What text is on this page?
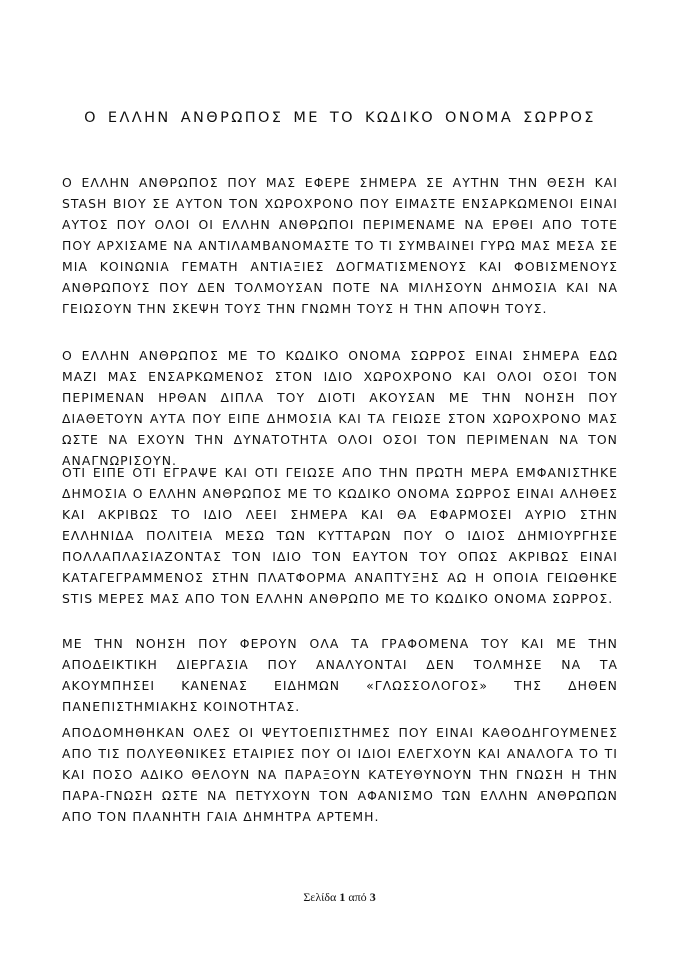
Ο ΕΛΛΗΝ ΑΝΘΡΩΠΟΣ ΜΕ ΤΟ ΚΩΔΙΚΟ ΟΝΟΜΑ ΣΩΡΡΟΣ
Ο ΕΛΛΗΝ ΑΝΘΡΩΠΟΣ ΠΟΥ ΜΑΣ ΕΦΕΡΕ ΣΗΜΕΡΑ ΣΕ ΑΥΤΗΝ ΤΗΝ ΘΕΣΗ ΚΑΙ STASH ΒΙΟΥ ΣΕ ΑΥΤΟΝ ΤΟΝ ΧΩΡΟΧΡΟΝΟ ΠΟΥ ΕΙΜΑΣΤΕ ΕΝΣΑΡΚΩΜΕΝΟΙ ΕΙΝΑΙ ΑΥΤΟΣ ΠΟΥ ΟΛΟΙ ΟΙ ΕΛΛΗΝ ΑΝΘΡΩΠΟΙ ΠΕΡΙΜΕΝΑΜΕ ΝΑ ΕΡΘΕΙ ΑΠΟ ΤΟΤΕ ΠΟΥ ΑΡΧΙΣΑΜΕ ΝΑ ΑΝΤΙΛΑΜΒΑΝΟΜΑΣΤΕ ΤΟ ΤΙ ΣΥΜΒΑΙΝΕΙ ΓΥΡΩ ΜΑΣ ΜΕΣΑ ΣΕ ΜΙΑ ΚΟΙΝΩΝΙΑ ΓΕΜΑΤΗ ΑΝΤΙΑΞΙΕΣ ΔΟΓΜΑΤΙΣΜΕΝΟΥΣ ΚΑΙ ΦΟΒΙΣΜΕΝΟΥΣ ΑΝΘΡΩΠΟΥΣ ΠΟΥ ΔΕΝ ΤΟΛΜΟΥΣΑΝ ΠΟΤΕ ΝΑ ΜΙΛΗΣΟΥΝ ΔΗΜΟΣΙΑ ΚΑΙ ΝΑ ΓΕΙΩΣΟΥΝ ΤΗΝ ΣΚΕΨΗ ΤΟΥΣ ΤΗΝ ΓΝΩΜΗ ΤΟΥΣ Η ΤΗΝ ΑΠΟΨΗ ΤΟΥΣ.
Ο ΕΛΛΗΝ ΑΝΘΡΩΠΟΣ ΜΕ ΤΟ ΚΩΔΙΚΟ ΟΝΟΜΑ ΣΩΡΡΟΣ ΕΙΝΑΙ ΣΗΜΕΡΑ ΕΔΩ ΜΑΖΙ ΜΑΣ ΕΝΣΑΡΚΩΜΕΝΟΣ ΣΤΟΝ ΙΔΙΟ ΧΩΡΟΧΡΟΝΟ ΚΑΙ ΟΛΟΙ ΟΣΟΙ ΤΟΝ ΠΕΡΙΜΕΝΑΝ ΗΡΘΑΝ ΔΙΠΛΑ ΤΟΥ ΔΙΟΤΙ ΑΚΟΥΣΑΝ ΜΕ ΤΗΝ ΝΟΗΣΗ ΠΟΥ ΔΙΑΘΕΤΟΥΝ ΑΥΤΑ ΠΟΥ ΕΙΠΕ ΔΗΜΟΣΙΑ ΚΑΙ ΤΑ ΓΕΙΩΣΕ ΣΤΟΝ ΧΩΡΟΧΡΟΝΟ ΜΑΣ ΩΣΤΕ ΝΑ ΕΧΟΥΝ ΤΗΝ ΔΥΝΑΤΟΤΗΤΑ ΟΛΟΙ ΟΣΟΙ ΤΟΝ ΠΕΡΙΜΕΝΑΝ ΝΑ ΤΟΝ ΑΝΑΓΝΩΡΙΣΟΥΝ.
ΟΤΙ ΕΙΠΕ ΟΤΙ ΕΓΡΑΨΕ ΚΑΙ ΟΤΙ ΓΕΙΩΣΕ ΑΠΟ ΤΗΝ ΠΡΩΤΗ ΜΕΡΑ ΕΜΦΑΝΙΣΤΗΚΕ ΔΗΜΟΣΙΑ Ο ΕΛΛΗΝ ΑΝΘΡΩΠΟΣ ΜΕ ΤΟ ΚΩΔΙΚΟ ΟΝΟΜΑ ΣΩΡΡΟΣ ΕΙΝΑΙ ΑΛΗΘΕΣ ΚΑΙ ΑΚΡΙΒΩΣ ΤΟ ΙΔΙΟ ΛΕΕΙ ΣΗΜΕΡΑ ΚΑΙ ΘΑ ΕΦΑΡΜΟΣΕΙ ΑΥΡΙΟ ΣΤΗΝ ΕΛΛΗΝΙΔΑ ΠΟΛΙΤΕΙΑ ΜΕΣΩ ΤΩΝ ΚΥΤΤΑΡΩΝ ΠΟΥ Ο ΙΔΙΟΣ ΔΗΜΙΟΥΡΓΗΣΕ ΠΟΛΛΑΠΛΑΣΙΑΖΟΝΤΑΣ ΤΟΝ ΙΔΙΟ ΤΟΝ ΕΑΥΤΟΝ ΤΟΥ ΟΠΩΣ ΑΚΡΙΒΩΣ ΕΙΝΑΙ ΚΑΤΑΓΕΓΡΑΜΜΕΝΟΣ ΣΤΗΝ ΠΛΑΤΦΟΡΜΑ ΑΝΑΠΤΥΞΗΣ ΑΩ Η ΟΠΟΙΑ ΓΕΙΩΘΗΚΕ STIS ΜΕΡΕΣ ΜΑΣ ΑΠΟ ΤΟΝ ΕΛΛΗΝ ΑΝΘΡΩΠΟ ΜΕ ΤΟ ΚΩΔΙΚΟ ΟΝΟΜΑ ΣΩΡΡΟΣ.
ΜΕ ΤΗΝ ΝΟΗΣΗ ΠΟΥ ΦΕΡΟΥΝ ΟΛΑ ΤΑ ΓΡΑΦΟΜΕΝΑ ΤΟΥ ΚΑΙ ΜΕ ΤΗΝ ΑΠΟΔΕΙΚΤΙΚΗ ΔΙΕΡΓΑΣΙΑ ΠΟΥ ΑΝΑΛΥΟΝΤΑΙ ΔΕΝ ΤΟΛΜΗΣΕ ΝΑ ΤΑ ΑΚΟΥΜΠΗΣΕΙ ΚΑΝΕΝΑΣ ΕΙΔΗΜΩΝ «ΓΛΩΣΣΟΛΟΓΟΣ» ΤΗΣ ΔΗΘΕΝ ΠΑΝΕΠΙΣΤΗΜΙΑΚΗΣ ΚΟΙΝΟΤΗΤΑΣ.
ΑΠΟΔΟΜΗΘΗΚΑΝ ΟΛΕΣ ΟΙ ΨΕΥΤΟΕΠΙΣΤΗΜΕΣ ΠΟΥ ΕΙΝΑΙ ΚΑΘΟΔΗΓΟΥΜΕΝΕΣ ΑΠΟ ΤΙΣ ΠΟΛΥΕΘΝΙΚΕΣ ΕΤΑΙΡΙΕΣ ΠΟΥ ΟΙ ΙΔΙΟΙ ΕΛΕΓΧΟΥΝ ΚΑΙ ΑΝΑΛΟΓΑ ΤΟ ΤΙ ΚΑΙ ΠΟΣΟ ΑΔΙΚΟ ΘΕΛΟΥΝ ΝΑ ΠΑΡΑΞΟΥΝ ΚΑΤΕΥΘΥΝΟΥΝ ΤΗΝ ΓΝΩΣΗ Η ΤΗΝ ΠΑΡΑ-ΓΝΩΣΗ ΩΣΤΕ ΝΑ ΠΕΤΥΧΟΥΝ ΤΟΝ ΑΦΑΝΙΣΜΟ ΤΩΝ ΕΛΛΗΝ ΑΝΘΡΩΠΩΝ ΑΠΟ ΤΟΝ ΠΛΑΝΗΤΗ ΓΑΙΑ ΔΗΜΗΤΡΑ ΑΡΤΕΜΗ.
Σελίδα 1 από 3
